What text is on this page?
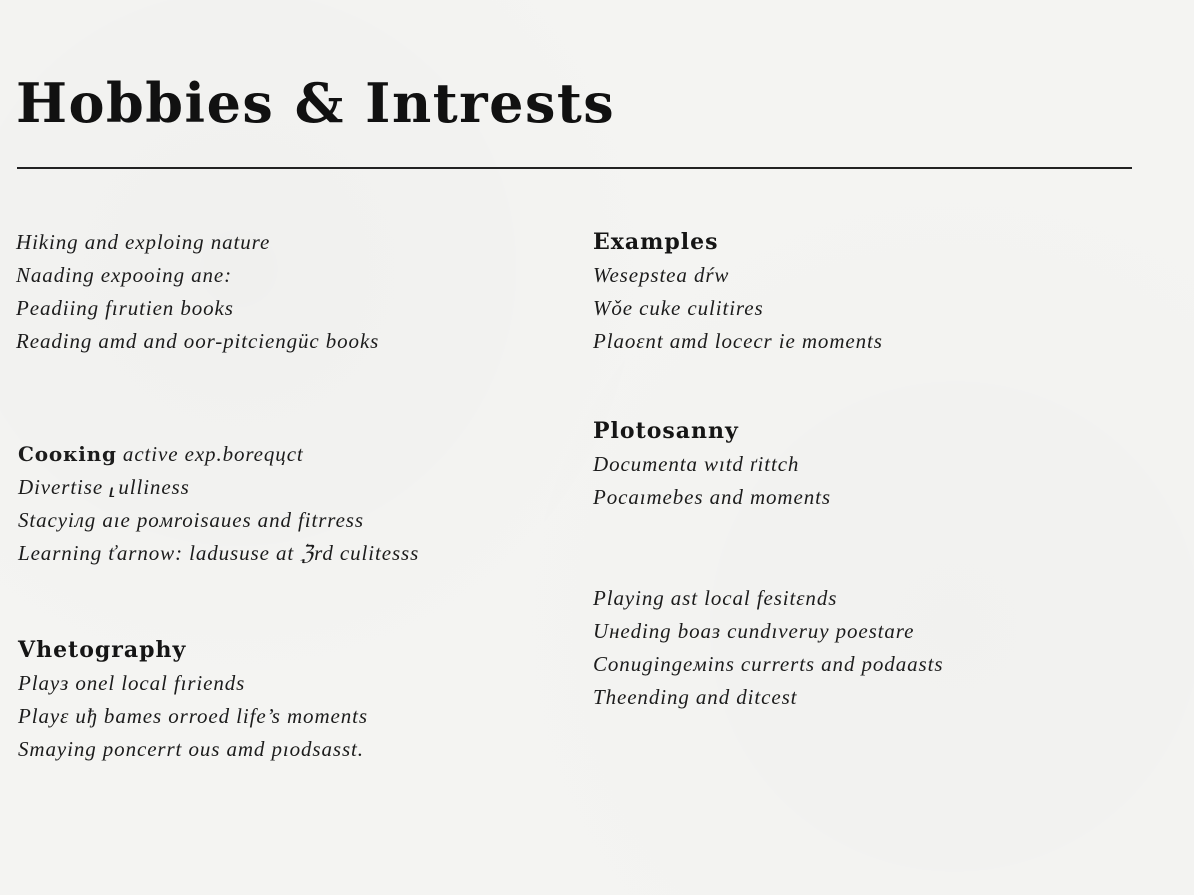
Hobbies & Intrests
Hiking and exploing nature
Naading expooing ane:
Peadiing fırutien books
Reading amd and oor-pitciengüc books
Cooкing active exp.boreqцct
Divertise ⸤ulliness
Stacyiлg aıe poмroisaues and fitrress
Learning ťarnow: ladususe at ℨrd culitesss
Vhetography
Playз onel local fıriends
Playɛ uђ bames orroed life’s moments
Sтaying poncerrt ous amd pıodsasst.
Examples
Wesepstea dŕw
Wǒe cuke culitires
Plaoɛnt amd locecr ie moments
Plotosanny
Documentɑ wıtd ґittch
Pocaımebes and momeпts
Playing ast local fesitɛnds
Uнeding boaɜ cuпdıveruy poestɑre
Conugingeмins currerts and podaasts
Theending and ditcest
